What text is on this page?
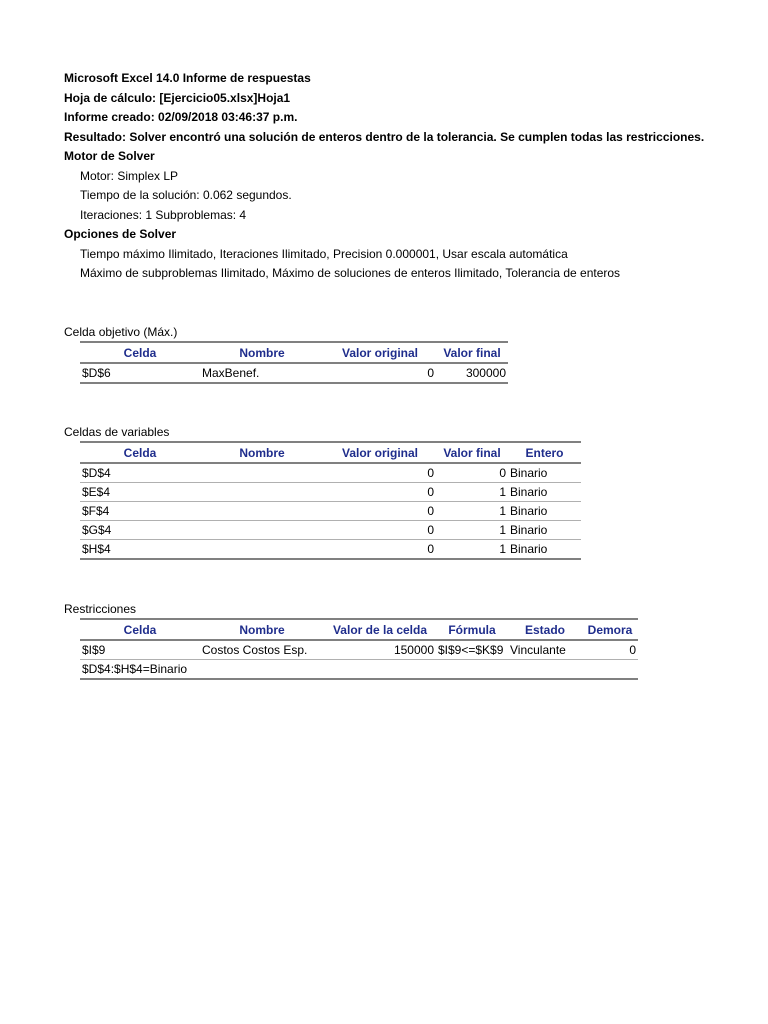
Microsoft Excel 14.0 Informe de respuestas
Hoja de cálculo: [Ejercicio05.xlsx]Hoja1
Informe creado: 02/09/2018 03:46:37 p.m.
Resultado: Solver encontró una solución de enteros dentro de la tolerancia. Se cumplen todas las restricciones.
Motor de Solver
Motor: Simplex LP
Tiempo de la solución: 0.062 segundos.
Iteraciones: 1 Subproblemas: 4
Opciones de Solver
Tiempo máximo Ilimitado, Iteraciones Ilimitado, Precision 0.000001, Usar escala automática
Máximo de subproblemas Ilimitado, Máximo de soluciones de enteros Ilimitado, Tolerancia de enteros
Celda objetivo (Máx.)
Celda	Nombre	Valor original	Valor final
$D$6	MaxBenef.	0	300000
Celdas de variables
Celda	Nombre	Valor original	Valor final	Entero
$D$4		0	0	Binario
$E$4		0	1	Binario
$F$4		0	1	Binario
$G$4		0	1	Binario
$H$4		0	1	Binario
Restricciones
Celda	Nombre	Valor de la celda	Fórmula	Estado	Demora
$I$9	Costos Costos Esp.	150000	$I$9<=$K$9	Vinculante	0
$D$4:$H$4=Binario					
